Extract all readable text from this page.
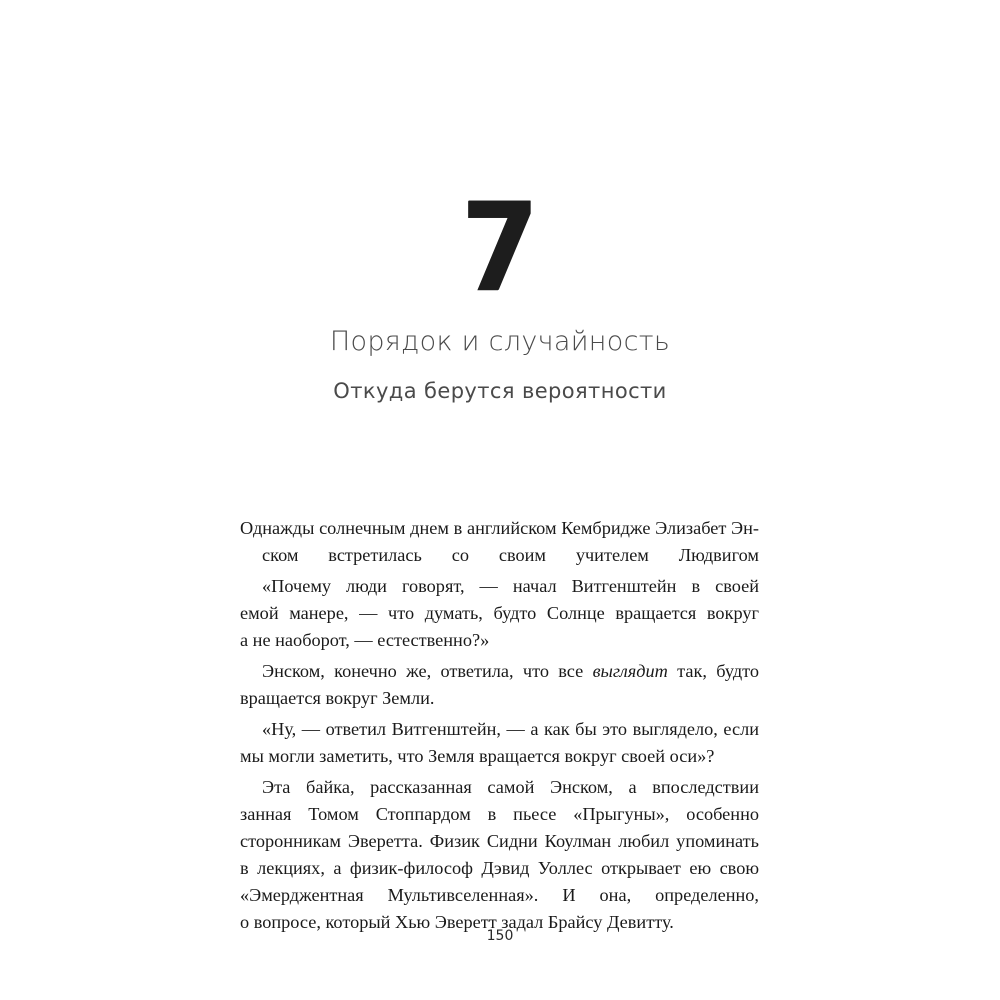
7
Порядок и случайность
Откуда берутся вероятности
Однажды солнечным днем в английском Кембридже Элизабет Эн-
ском встретилась со своим учителем Людвигом
«Почему люди говорят, — начал Витгенштейн в своей
емой манере, — что думать, будто Солнце вращается вокруг
а не наоборот, — естественно?»
Энском, конечно же, ответила, что все выглядит так, будто
вращается вокруг Земли.
«Ну, — ответил Витгенштейн, — а как бы это выглядело, если
мы могли заметить, что Земля вращается вокруг своей оси»?
Эта байка, рассказанная самой Энском, а впоследствии
занная Томом Стоппардом в пьесе «Прыгуны», особенно
сторонникам Эверетта. Физик Сидни Коулман любил упоминать
в лекциях, а физик-философ Дэвид Уоллес открывает ею свою
«Эмерджентная Мультивселенная». И она, определенно,
о вопросе, который Хью Эверетт задал Брайсу Девитту.
150
